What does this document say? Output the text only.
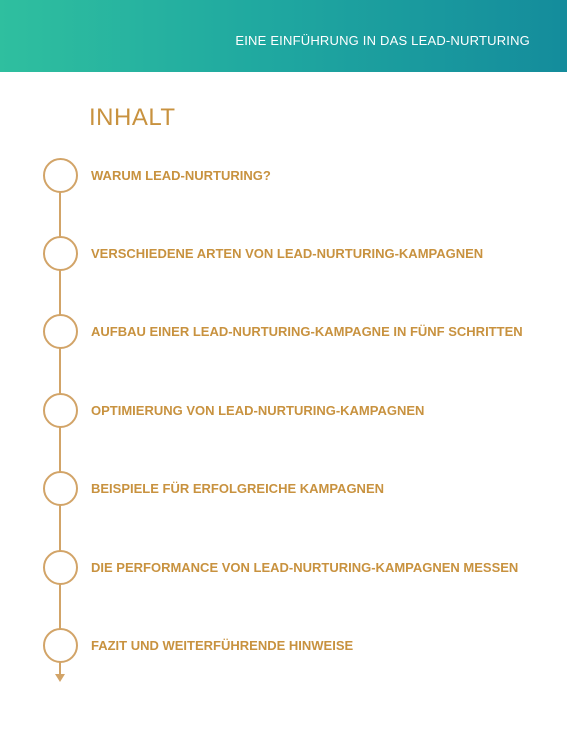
EINE EINFÜHRUNG IN DAS LEAD-NURTURING
INHALT
WARUM LEAD-NURTURING?
VERSCHIEDENE ARTEN VON LEAD-NURTURING-KAMPAGNEN
AUFBAU EINER LEAD-NURTURING-KAMPAGNE IN FÜNF SCHRITTEN
OPTIMIERUNG VON LEAD-NURTURING-KAMPAGNEN
BEISPIELE FÜR ERFOLGREICHE KAMPAGNEN
DIE PERFORMANCE VON LEAD-NURTURING-KAMPAGNEN MESSEN
FAZIT UND WEITERFÜHRENDE HINWEISE
